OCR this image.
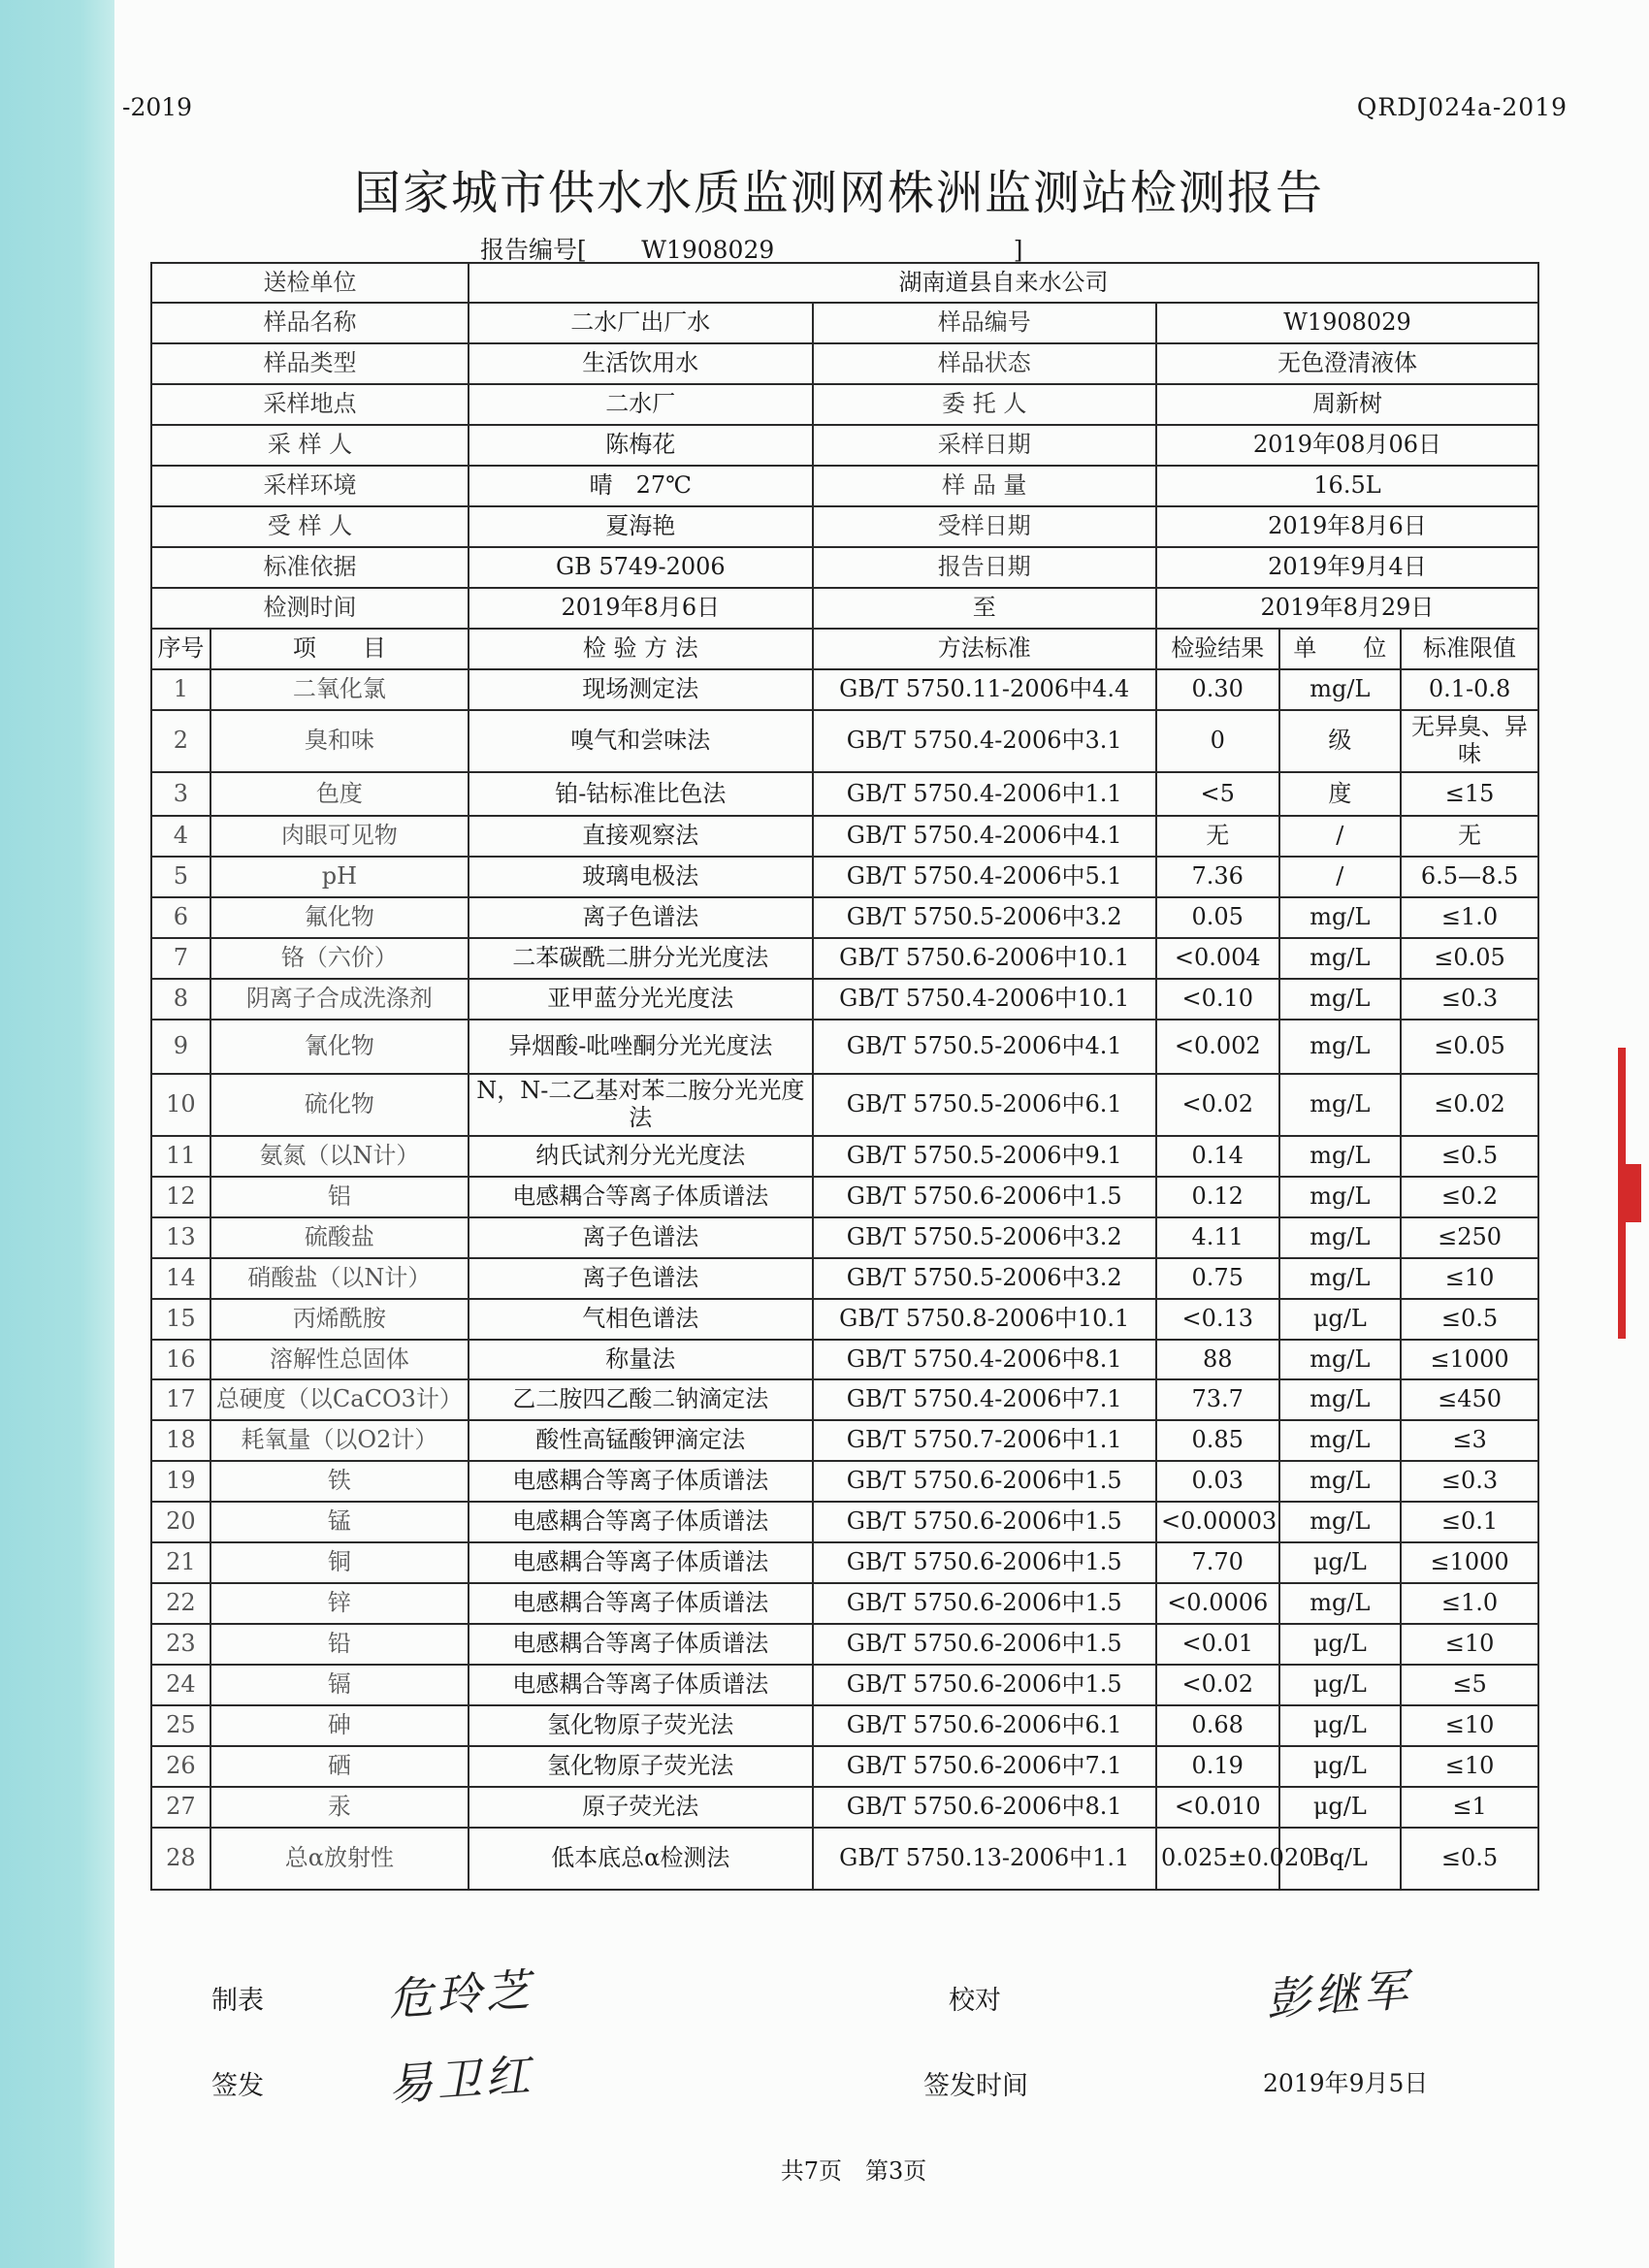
-2019	QRDJ024a-2019
国家城市供水水质监测网株洲监测站检测报告
报告编号[ W1908029	]
送检单位		湖南道县自来水公司				
样品名称		二水厂出厂水	样品编号	W1908029		
样品类型		生活饮用水	样品状态	无色澄清液体		
采样地点		二水厂	委 托 人	周新树		
采 样 人		陈梅花	采样日期	2019年08月06日		
采样环境		晴　27℃	样 品 量	16.5L		
受 样 人		夏海艳	受样日期	2019年8月6日		
标准依据		GB 5749-2006	报告日期	2019年9月4日		
检测时间		2019年8月6日	至	2019年8月29日		
序号	项　　目	检 验 方 法	方法标准	检验结果	单　　位	标准限值
1	二氧化氯	现场测定法	GB/T 5750.11-2006中4.4	0.30	mg/L	0.1-0.8
2	臭和味	嗅气和尝味法	GB/T 5750.4-2006中3.1	0	级	无异臭、异味
3	色度	铂-钴标准比色法	GB/T 5750.4-2006中1.1	<5	度	≤15
4	肉眼可见物	直接观察法	GB/T 5750.4-2006中4.1	无	/	无
5	pH	玻璃电极法	GB/T 5750.4-2006中5.1	7.36	/	6.5—8.5
6	氟化物	离子色谱法	GB/T 5750.5-2006中3.2	0.05	mg/L	≤1.0
7	铬（六价）	二苯碳酰二肼分光光度法	GB/T 5750.6-2006中10.1	<0.004	mg/L	≤0.05
8	阴离子合成洗涤剂	亚甲蓝分光光度法	GB/T 5750.4-2006中10.1	<0.10	mg/L	≤0.3
9	氰化物	异烟酸-吡唑酮分光光度法	GB/T 5750.5-2006中4.1	<0.002	mg/L	≤0.05
10	硫化物	N，N-二乙基对苯二胺分光光度法	GB/T 5750.5-2006中6.1	<0.02	mg/L	≤0.02
11	氨氮（以N计）	纳氏试剂分光光度法	GB/T 5750.5-2006中9.1	0.14	mg/L	≤0.5
12	铝	电感耦合等离子体质谱法	GB/T 5750.6-2006中1.5	0.12	mg/L	≤0.2
13	硫酸盐	离子色谱法	GB/T 5750.5-2006中3.2	4.11	mg/L	≤250
14	硝酸盐（以N计）	离子色谱法	GB/T 5750.5-2006中3.2	0.75	mg/L	≤10
15	丙烯酰胺	气相色谱法	GB/T 5750.8-2006中10.1	<0.13	μg/L	≤0.5
16	溶解性总固体	称量法	GB/T 5750.4-2006中8.1	88	mg/L	≤1000
17	总硬度（以CaCO3计）	乙二胺四乙酸二钠滴定法	GB/T 5750.4-2006中7.1	73.7	mg/L	≤450
18	耗氧量（以O2计）	酸性高锰酸钾滴定法	GB/T 5750.7-2006中1.1	0.85	mg/L	≤3
19	铁	电感耦合等离子体质谱法	GB/T 5750.6-2006中1.5	0.03	mg/L	≤0.3
20	锰	电感耦合等离子体质谱法	GB/T 5750.6-2006中1.5	<0.00003	mg/L	≤0.1
21	铜	电感耦合等离子体质谱法	GB/T 5750.6-2006中1.5	7.70	μg/L	≤1000
22	锌	电感耦合等离子体质谱法	GB/T 5750.6-2006中1.5	<0.0006	mg/L	≤1.0
23	铅	电感耦合等离子体质谱法	GB/T 5750.6-2006中1.5	<0.01	μg/L	≤10
24	镉	电感耦合等离子体质谱法	GB/T 5750.6-2006中1.5	<0.02	μg/L	≤5
25	砷	氢化物原子荧光法	GB/T 5750.6-2006中6.1	0.68	μg/L	≤10
26	硒	氢化物原子荧光法	GB/T 5750.6-2006中7.1	0.19	μg/L	≤10
27	汞	原子荧光法	GB/T 5750.6-2006中8.1	<0.010	μg/L	≤1
28	总α放射性	低本底总α检测法	GB/T 5750.13-2006中1.1	0.025±0.020	Bq/L	≤0.5
制表	危玲芝	校对	彭继军
签发	易卫红	签发时间	2019年9月5日
共7页　第3页
